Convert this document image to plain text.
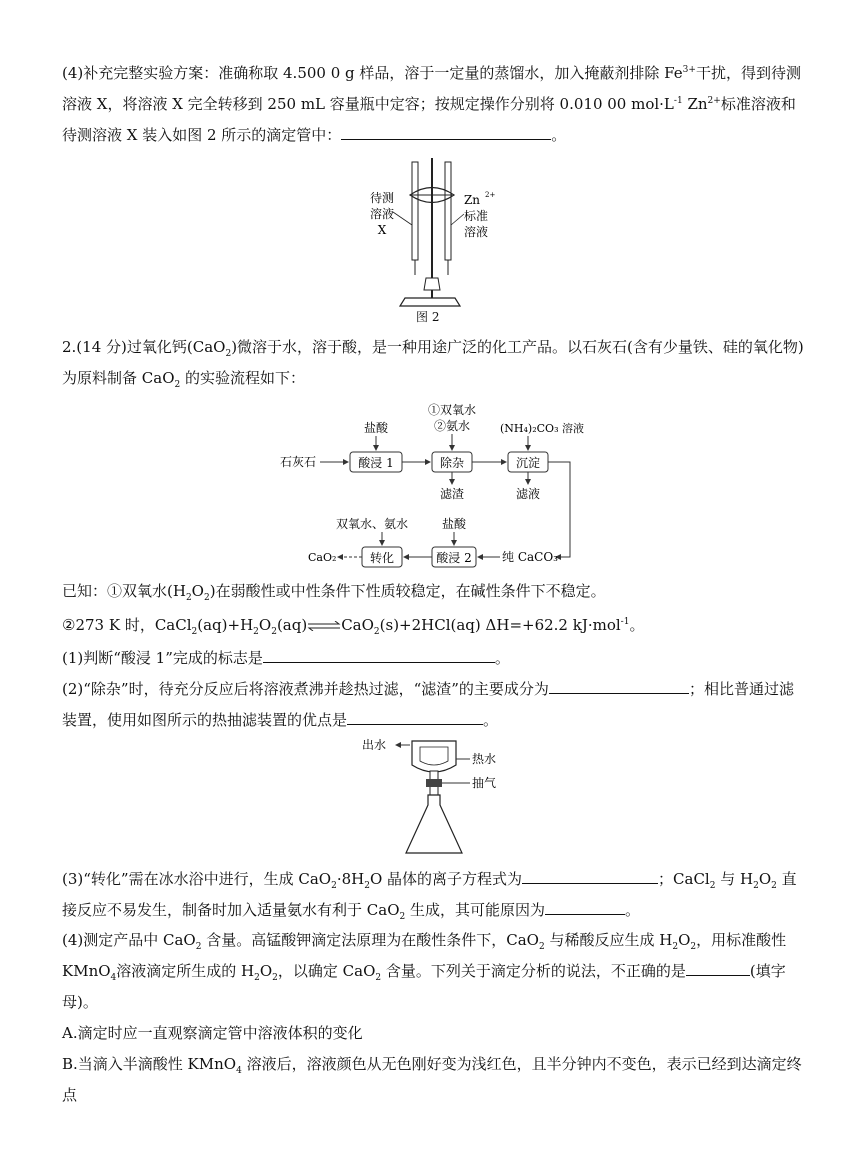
(4)补充完整实验方案：准确称取 4.500 0 g 样品，溶于一定量的蒸馏水，加入掩蔽剂排除 $Fe^{3+}$干扰，得到待测溶液 X，将溶液 X 完全转移到 250 mL 容量瓶中定容；按规定操作分别将 0.010 00 $mol\cdot L^{-1}$ $Zn^{2+}$标准溶液和待测溶液 X 装入如图 2 所示的滴定管中：	。
待测
溶液
X
Zn 2+
标准
溶液
图 2
2.(14 分)过氧化钙(CaO$_2$)微溶于水，溶于酸，是一种用途广泛的化工产品。以石灰石(含有少量铁、硅的氧化物)为原料制备 CaO$_2$ 的实验流程如下：
石灰石	酸浸 1
盐酸
除杂
①双氧水
②氨水
滤渣
沉淀
(NH₄)₂CO₃ 溶液
滤液
纯 CaCO₃
酸浸 2
盐酸
转化
双氧水、氨水
CaO₂
已知：①双氧水$(H_2O_2)$在弱酸性或中性条件下性质较稳定，在碱性条件下不稳定。
②273 K 时，$CaCl_2(aq)+H_2O_2(aq)\rightleftharpoons CaO_2(s)+2HCl(aq)$ ΔH=+62.2 kJ·mol$^{-1}$。
(1)判断“酸浸 1”完成的标志是	。
(2)“除杂”时，待充分反应后将溶液煮沸并趁热过滤，“滤渣”的主要成分为	；相比普通过滤装置，使用如图所示的热抽滤装置的优点是	。
出水
热水
抽气
(3)“转化”需在冰水浴中进行，生成 $CaO_2\cdot 8H_2O$ 晶体的离子方程式为	；CaCl$_2$ 与 $H_2O_2$ 直接反应不易发生，制备时加入适量氨水有利于 CaO$_2$ 生成，其可能原因为	。
(4)测定产品中 CaO$_2$ 含量。高锰酸钾滴定法原理为在酸性条件下，CaO$_2$ 与稀酸反应生成 $H_2O_2$，用标准酸性 KMnO$_4$溶液滴定所生成的 $H_2O_2$，以确定 CaO$_2$ 含量。下列关于滴定分析的说法，不正确的是	(填字母)。
A.滴定时应一直观察滴定管中溶液体积的变化
B.当滴入半滴酸性 KMnO$_4$ 溶液后，溶液颜色从无色刚好变为浅红色，且半分钟内不变色，表示已经到达滴定终点
